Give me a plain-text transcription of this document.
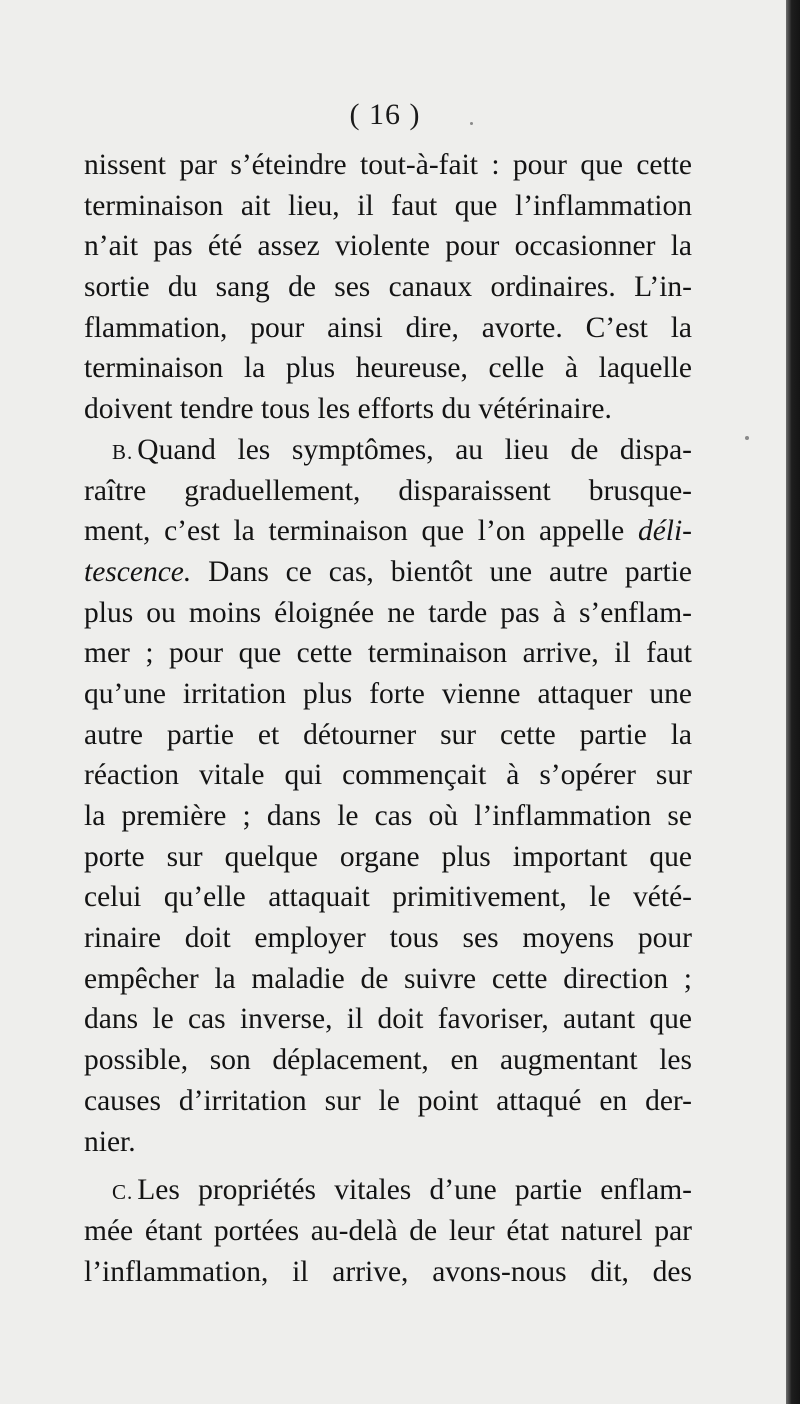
( 16 )
nissent par s’éteindre tout-à-fait : pour que cette
terminaison ait lieu, il faut que l’inflammation
n’ait pas été assez violente pour occasionner la
sortie du sang de ses canaux ordinaires. L’in-
flammation, pour ainsi dire, avorte. C’est la
terminaison la plus heureuse, celle à laquelle
doivent tendre tous les efforts du vétérinaire.
B. Quand les symptômes, au lieu de dispa-
raître graduellement, disparaissent brusque-
ment, c’est la terminaison que l’on appelle déli-
tescence. Dans ce cas, bientôt une autre partie
plus ou moins éloignée ne tarde pas à s’enflam-
mer ; pour que cette terminaison arrive, il faut
qu’une irritation plus forte vienne attaquer une
autre partie et détourner sur cette partie la
réaction vitale qui commençait à s’opérer sur
la première ; dans le cas où l’inflammation se
porte sur quelque organe plus important que
celui qu’elle attaquait primitivement, le vété-
rinaire doit employer tous ses moyens pour
empêcher la maladie de suivre cette direction ;
dans le cas inverse, il doit favoriser, autant que
possible, son déplacement, en augmentant les
causes d’irritation sur le point attaqué en der-
nier.
C. Les propriétés vitales d’une partie enflam-
mée étant portées au-delà de leur état naturel par
l’inflammation, il arrive, avons-nous dit, des
